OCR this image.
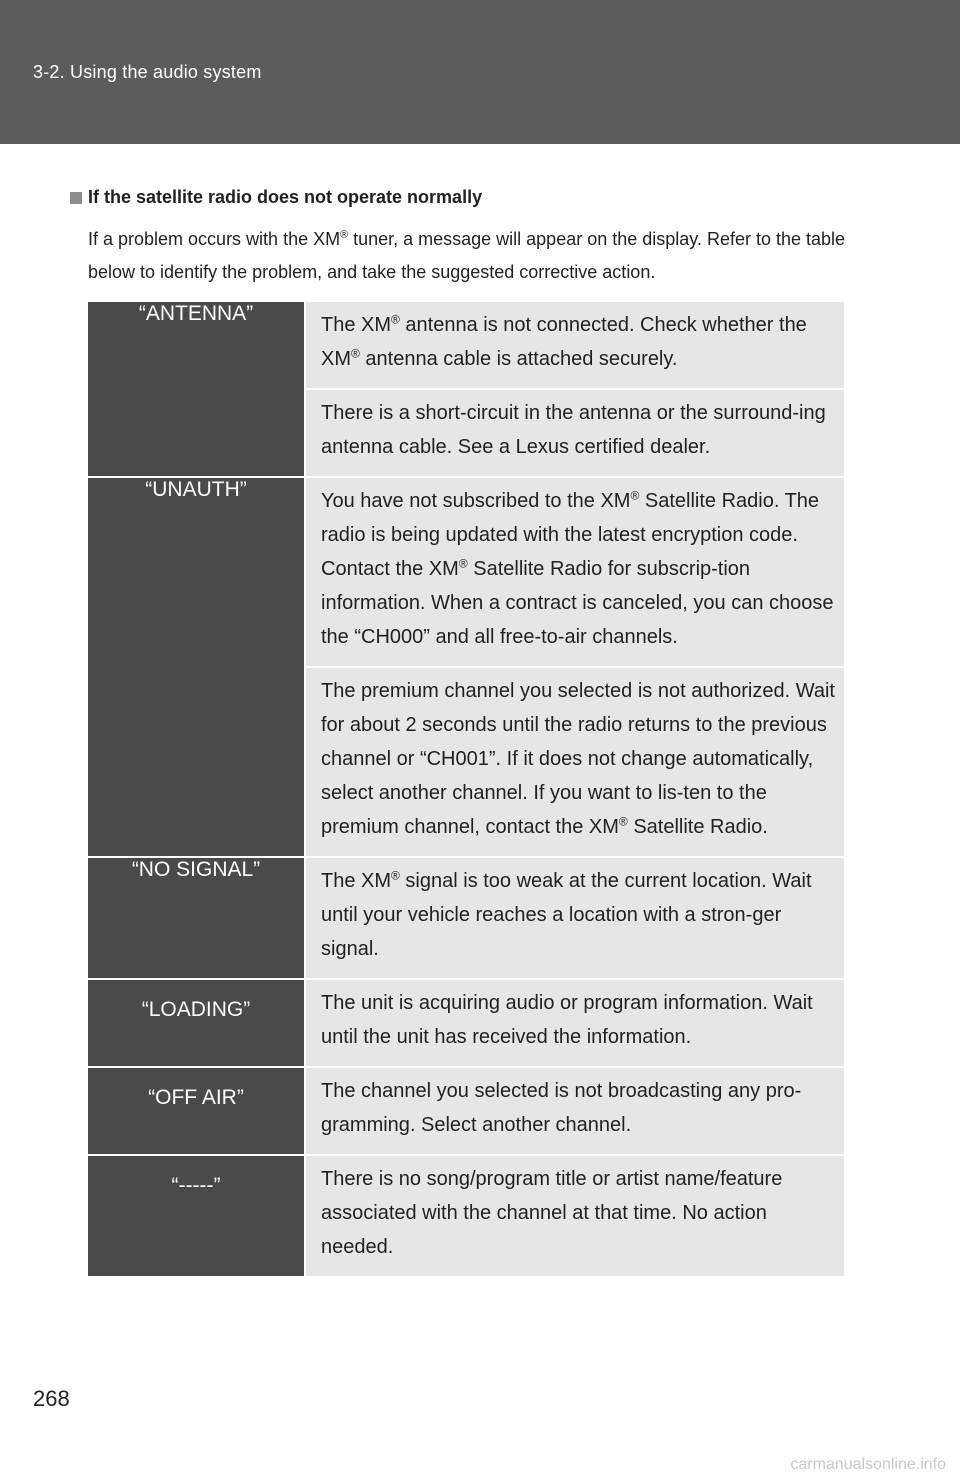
3-2. Using the audio system
If the satellite radio does not operate normally
If a problem occurs with the XM® tuner, a message will appear on the display. Refer to the table below to identify the problem, and take the suggested corrective action.
“ANTENNA”	The XM® antenna is not connected. Check whether the XM® antenna cable is attached securely.
	There is a short-circuit in the antenna or the surround-ing antenna cable. See a Lexus certified dealer.
“UNAUTH”	You have not subscribed to the XM® Satellite Radio. The radio is being updated with the latest encryption code. Contact the XM® Satellite Radio for subscrip-tion information. When a contract is canceled, you can choose the “CH000” and all free-to-air channels.
	The premium channel you selected is not authorized. Wait for about 2 seconds until the radio returns to the previous channel or “CH001”. If it does not change automatically, select another channel. If you want to lis-ten to the premium channel, contact the XM® Satellite Radio.
“NO SIGNAL”	The XM® signal is too weak at the current location. Wait until your vehicle reaches a location with a stron-ger signal.
“LOADING”	The unit is acquiring audio or program information. Wait until the unit has received the information.
“OFF AIR”	The channel you selected is not broadcasting any pro-gramming. Select another channel.
“-----”	There is no song/program title or artist name/feature associated with the channel at that time. No action needed.
268
carmanualsonline.info
